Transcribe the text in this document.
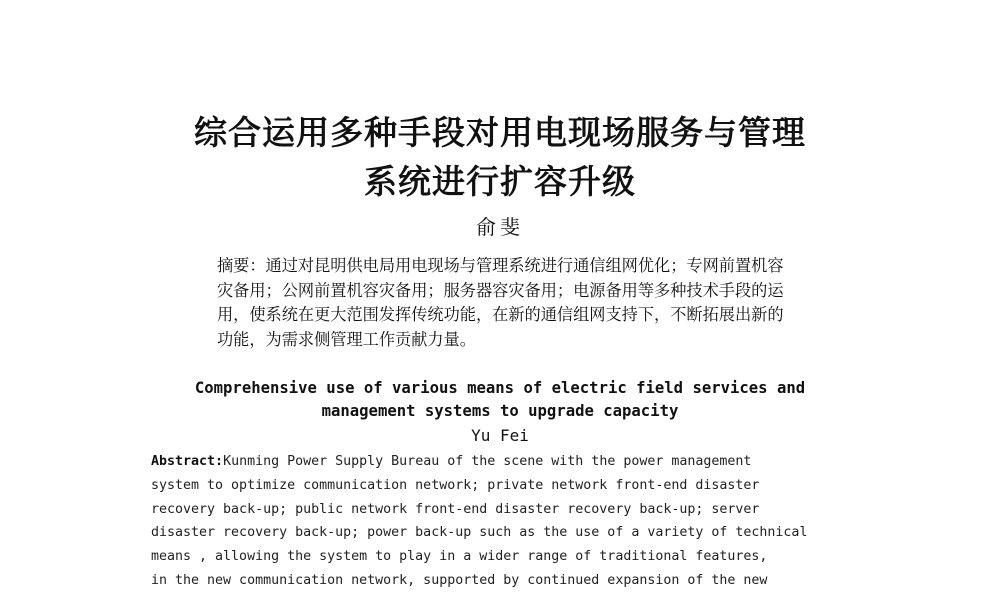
综合运用多种手段对用电现场服务与管理
系统进行扩容升级
俞斐
摘要：通过对昆明供电局用电现场与管理系统进行通信组网优化；专网前置机容
灾备用；公网前置机容灾备用；服务器容灾备用；电源备用等多种技术手段的运
用，使系统在更大范围发挥传统功能，在新的通信组网支持下，不断拓展出新的
功能，为需求侧管理工作贡献力量。
Comprehensive use of various means of electric field services and
management systems to upgrade capacity
Yu Fei
Abstract:Kunming Power Supply Bureau of the scene with the power management
system to optimize communication network; private network front-end disaster
recovery back-up; public network front-end disaster recovery back-up; server
disaster recovery back-up; power back-up such as the use of a variety of technical
means , allowing the system to play in a wider range of traditional features,
in the new communication network, supported by continued expansion of the new
